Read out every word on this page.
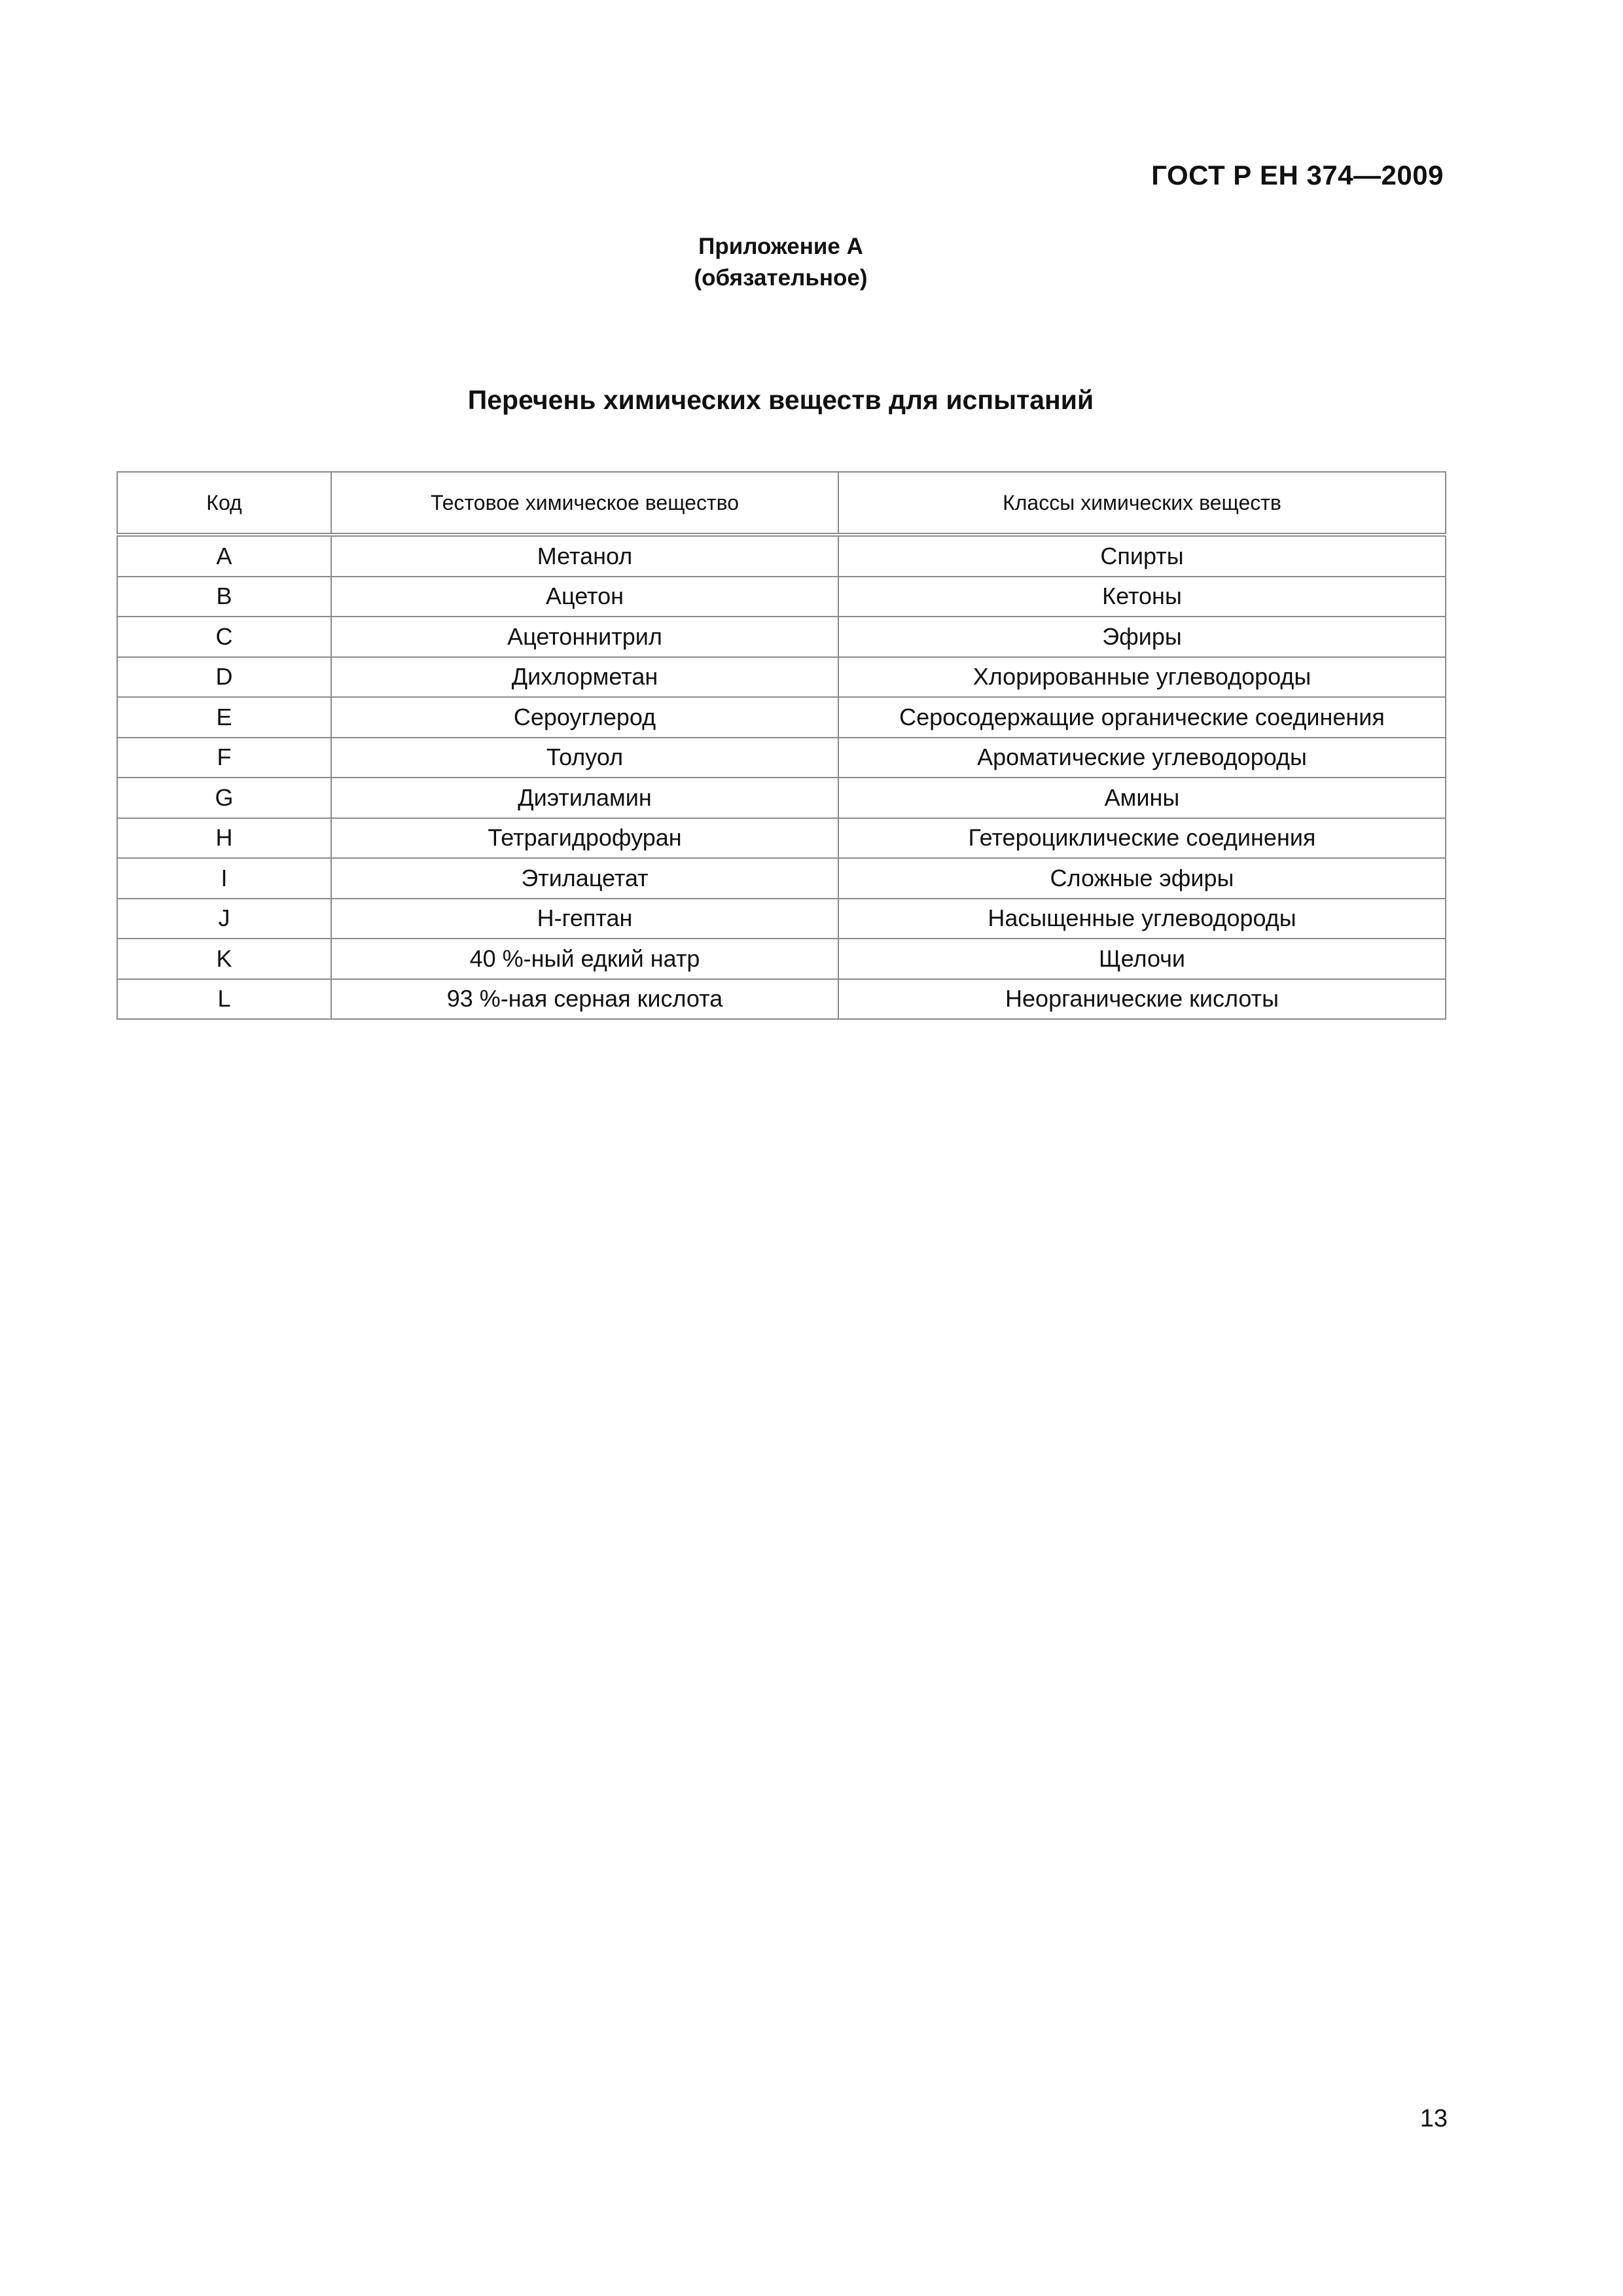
ГОСТ Р ЕН 374—2009
Приложение А
(обязательное)
Перечень химических веществ для испытаний
Код	Тестовое химическое вещество	Классы химических веществ
A	Метанол	Спирты
B	Ацетон	Кетоны
C	Ацетоннитрил	Эфиры
D	Дихлорметан	Хлорированные углеводороды
E	Сероуглерод	Серосодержащие органические соединения
F	Толуол	Ароматические углеводороды
G	Диэтиламин	Амины
H	Тетрагидрофуран	Гетероциклические соединения
I	Этилацетат	Сложные эфиры
J	Н-гептан	Насыщенные углеводороды
K	40 %-ный едкий натр	Щелочи
L	93 %-ная серная кислота	Неорганические кислоты
13
